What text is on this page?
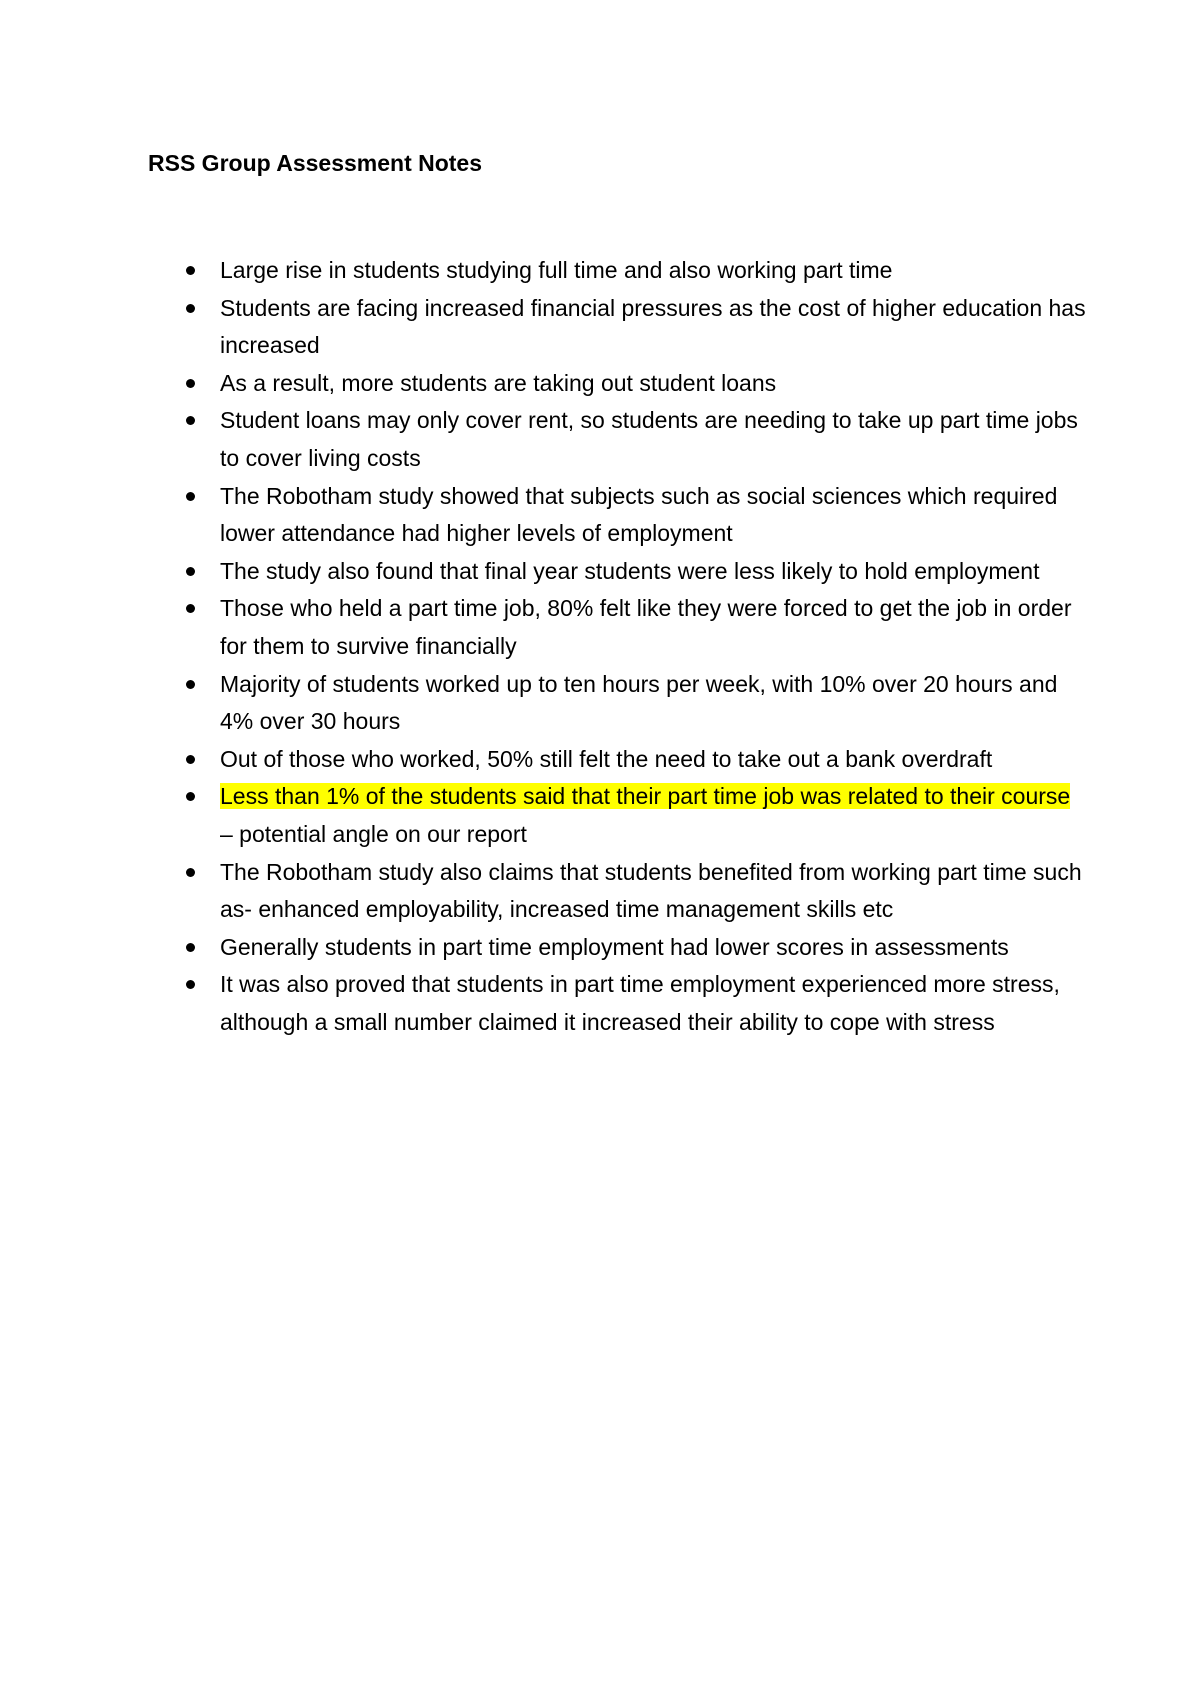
RSS Group Assessment Notes
Large rise in students studying full time and also working part time
Students are facing increased financial pressures as the cost of higher education has increased
As a result, more students are taking out student loans
Student loans may only cover rent, so students are needing to take up part time jobs to cover living costs
The Robotham study showed that subjects such as social sciences which required lower attendance had higher levels of employment
The study also found that final year students were less likely to hold employment
Those who held a part time job, 80% felt like they were forced to get the job in order for them to survive financially
Majority of students worked up to ten hours per week, with 10% over 20 hours and 4% over 30 hours
Out of those who worked, 50% still felt the need to take out a bank overdraft
Less than 1% of the students said that their part time job was related to their course – potential angle on our report
The Robotham study also claims that students benefited from working part time such as- enhanced employability, increased time management skills etc
Generally students in part time employment had lower scores in assessments
It was also proved that students in part time employment experienced more stress, although a small number claimed it increased their ability to cope with stress
